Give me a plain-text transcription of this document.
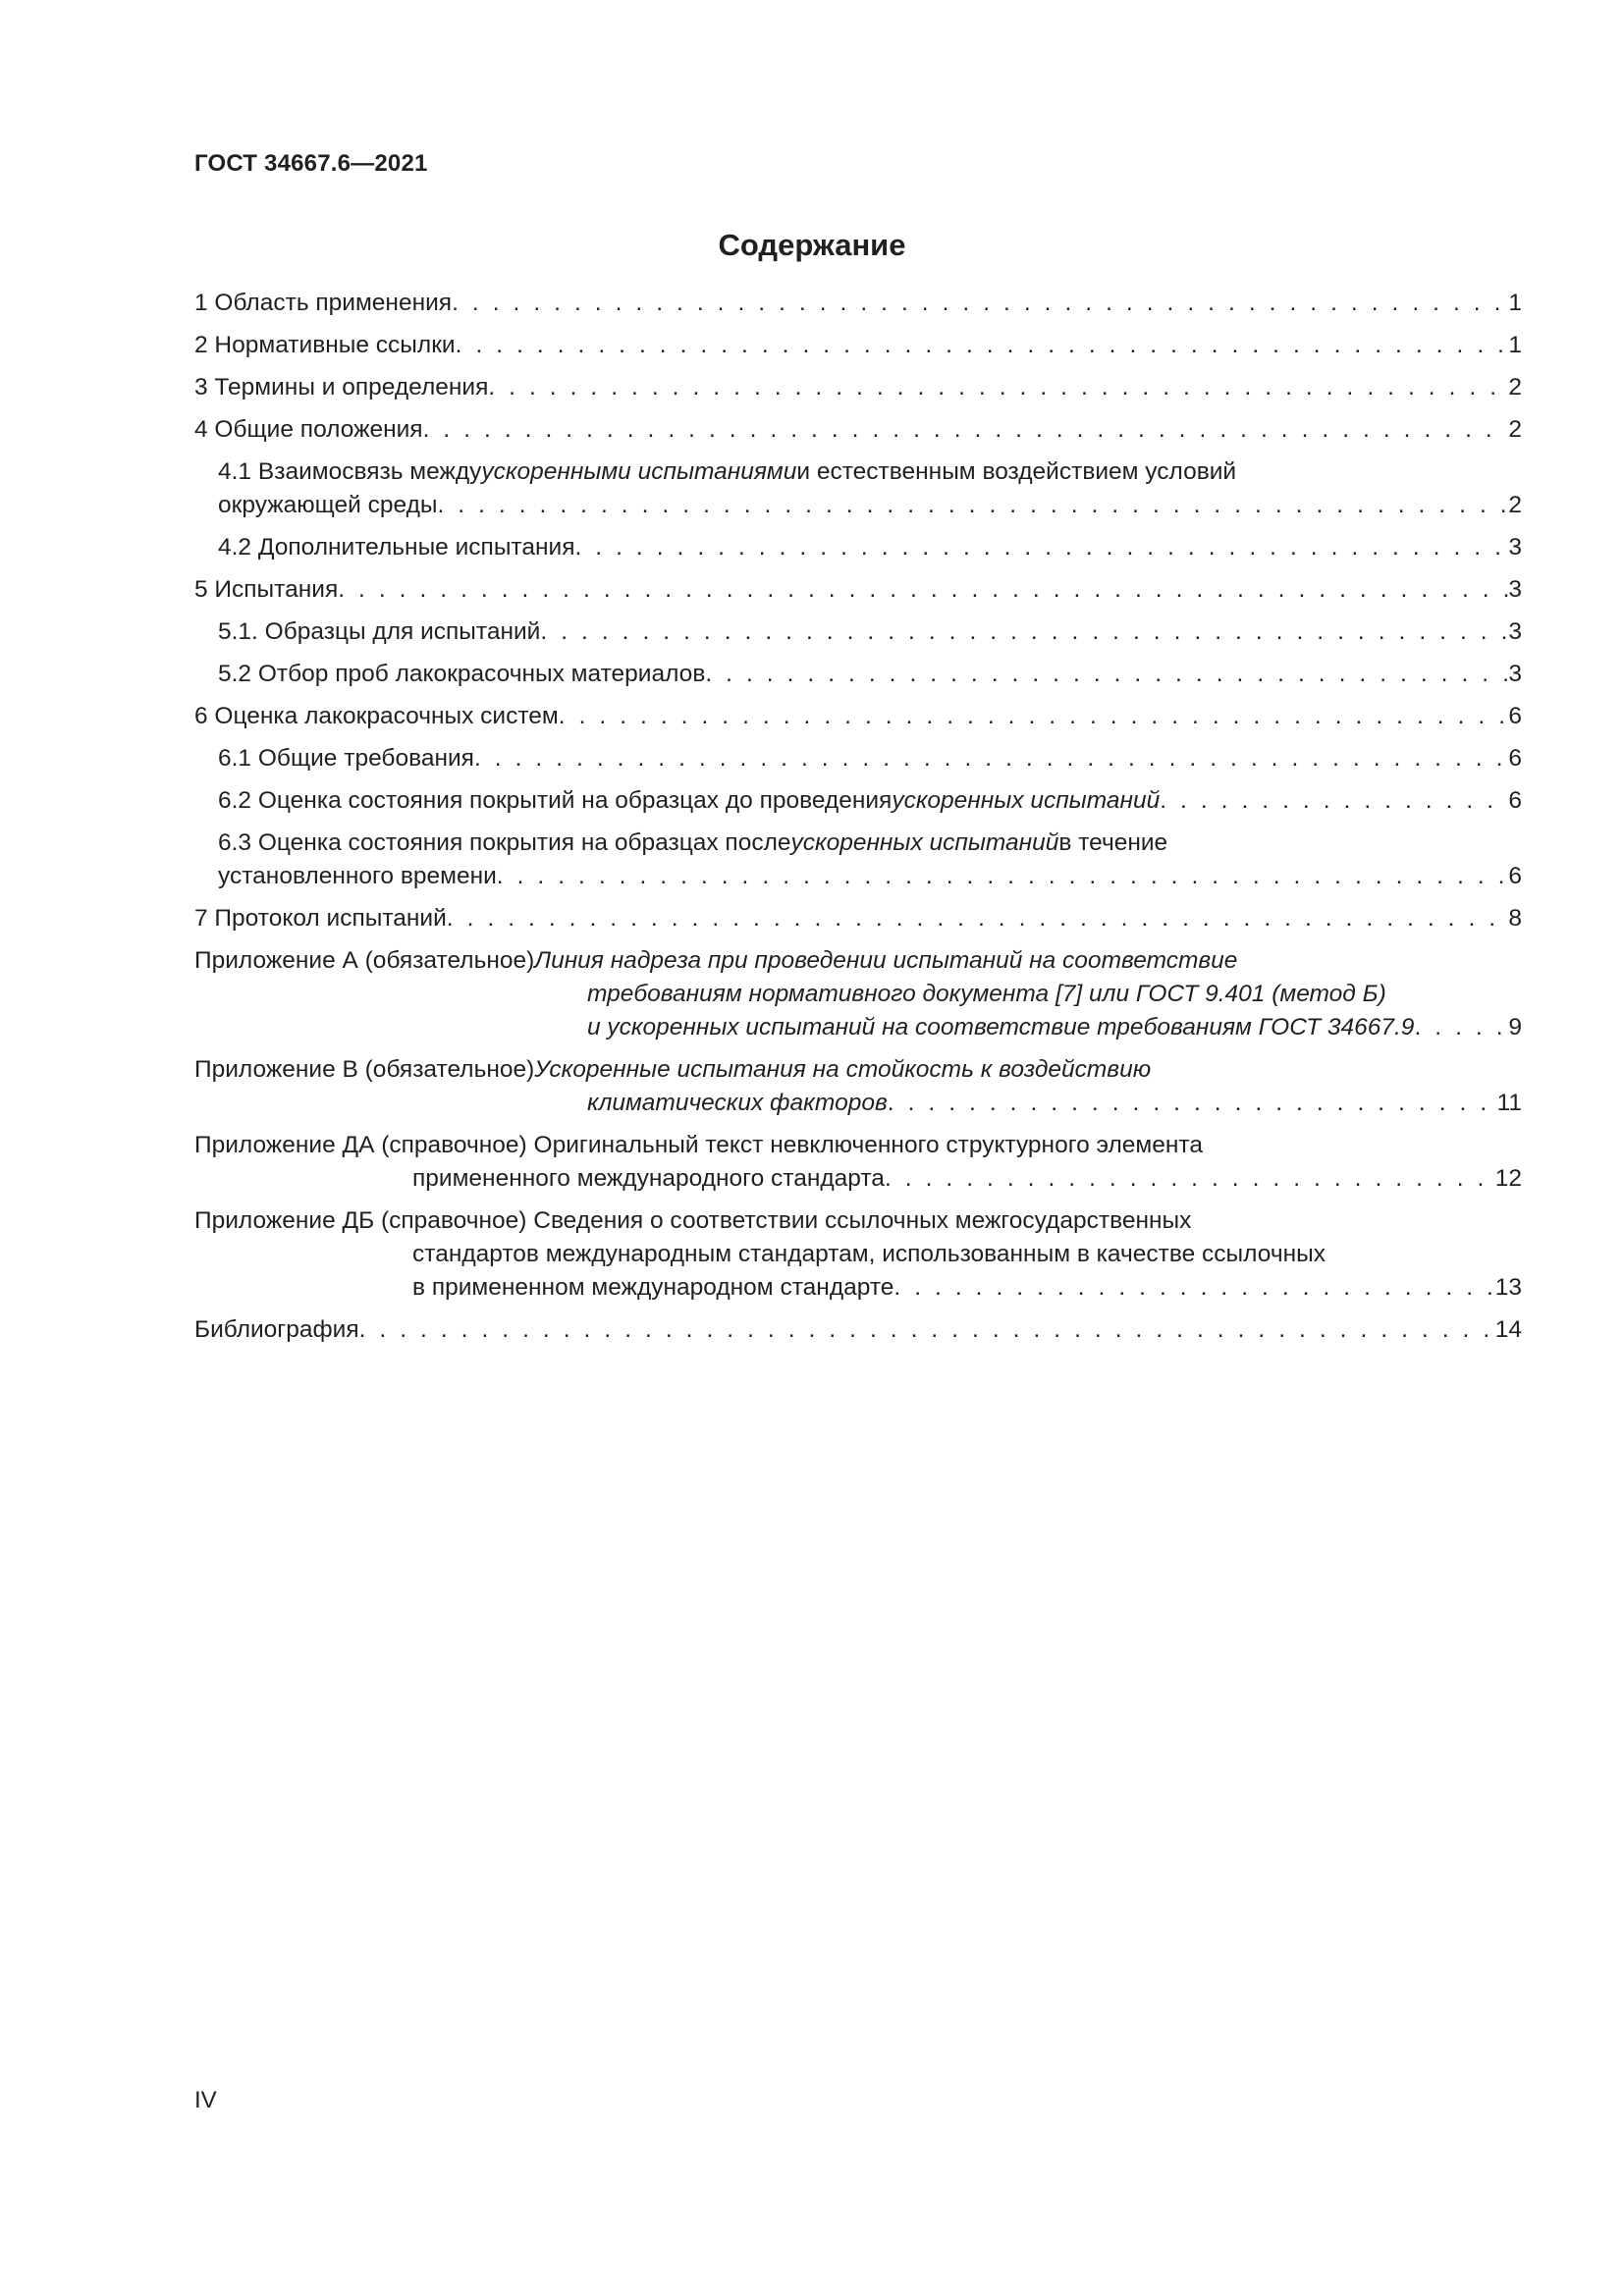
ГОСТ 34667.6—2021
Содержание
1 Область применения . . .	1
2 Нормативные ссылки . . .	1
3 Термины и определения . . .	2
4 Общие положения . . .	2
4.1 Взаимосвязь между ускоренными испытаниями и естественным воздействием условий
окружающей среды . . .	2
4.2 Дополнительные испытания . . .	3
5 Испытания . . .	3
5.1. Образцы для испытаний . . .	3
5.2 Отбор проб лакокрасочных материалов . . .	3
6 Оценка лакокрасочных систем . . .	6
6.1 Общие требования . . .	6
6.2 Оценка состояния покрытий на образцах до проведения ускоренных испытаний . . .	6
6.3 Оценка состояния покрытия на образцах после ускоренных испытаний в течение
установленного времени . . .	6
7 Протокол испытаний . . .	8
Приложение А (обязательное) Линия надреза при проведении испытаний на соответствие
требованиям нормативного документа [7] или ГОСТ 9.401 (метод Б)
и ускоренных испытаний на соответствие требованиям ГОСТ 34667.9 . . .	9
Приложение В (обязательное) Ускоренные испытания на стойкость к воздействию
климатических факторов . . .	11
Приложение ДА (справочное) Оригинальный текст невключенного структурного элемента
примененного международного стандарта . . .	12
Приложение ДБ (справочное) Сведения о соответствии ссылочных межгосударственных
стандартов международным стандартам, использованным в качестве ссылочных
в примененном международном стандарте . . .	13
Библиография . . .	14
IV
